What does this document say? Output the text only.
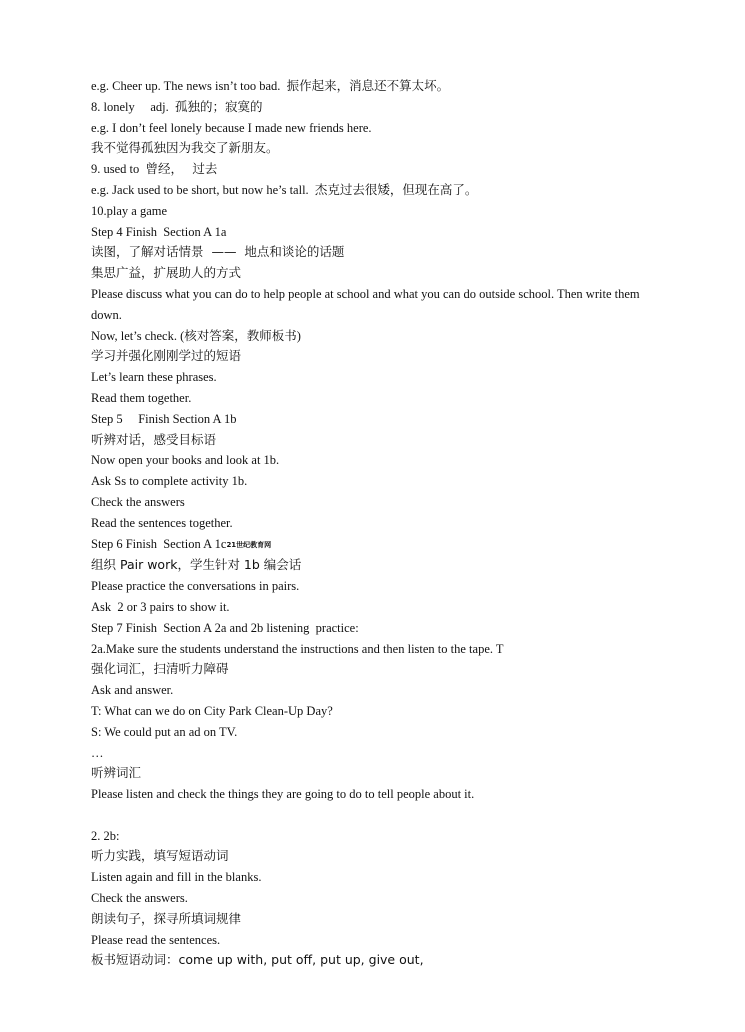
e.g. Cheer up. The news isn’t too bad.  振作起来，消息还不算太坏。
8. lonely     adj.  孤独的；寂寞的
e.g. I don’t feel lonely because I made new friends here.
我不觉得孤独因为我交了新朋友。
9. used to  曾经，   过去
e.g. Jack used to be short, but now he’s tall.  杰克过去很矮，但现在高了。
10.play a game
Step 4 Finish  Section A 1a
读图，了解对话情景  ——  地点和谈论的话题
集思广益，扩展助人的方式
Please discuss what you can do to help people at school and what you can do outside school. Then write them down.
Now, let’s check. (核对答案，教师板书)
学习并强化刚刚学过的短语
Let’s learn these phrases.
Read them together.
Step 5     Finish Section A 1b
听辨对话，感受目标语
Now open your books and look at 1b.
Ask Ss to complete activity 1b.
Check the answers
Read the sentences together.
Step 6 Finish  Section A 1c21世纪教育网
组织 Pair work，学生针对 1b 编会话
Please practice the conversations in pairs.
Ask  2 or 3 pairs to show it.
Step 7 Finish  Section A 2a and 2b listening  practice:
2a.Make sure the students understand the instructions and then listen to the tape. T
强化词汇，扫清听力障碍
Ask and answer.
T: What can we do on City Park Clean-Up Day?
S: We could put an ad on TV.
…
听辨词汇
Please listen and check the things they are going to do to tell people about it.
2. 2b:
听力实践，填写短语动词
Listen again and fill in the blanks.
Check the answers.
朗读句子，探寻所填词规律
Please read the sentences.
板书短语动词：come up with, put off, put up, give out,
